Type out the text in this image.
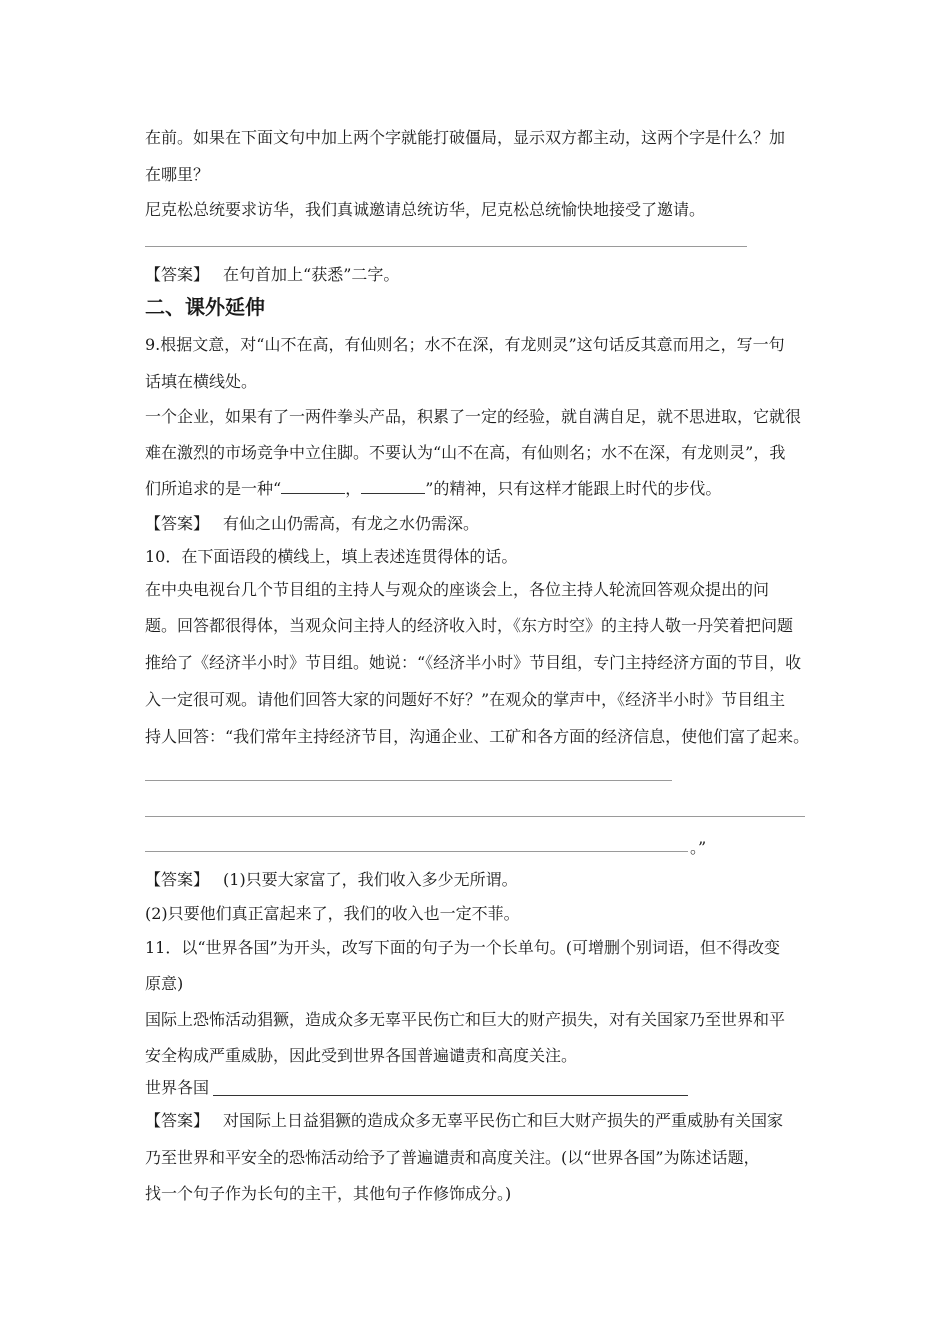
在前。如果在下面文句中加上两个字就能打破僵局，显示双方都主动，这两个字是什么？加
在哪里？
尼克松总统要求访华，我们真诚邀请总统访华，尼克松总统愉快地接受了邀请。
【答案】 在句首加上“获悉”二字。
二、课外延伸
9.根据文意，对“山不在高，有仙则名；水不在深，有龙则灵”这句话反其意而用之，写一句
话填在横线处。
一个企业，如果有了一两件拳头产品，积累了一定的经验，就自满自足，就不思进取，它就很
难在激烈的市场竞争中立住脚。不要认为“山不在高，有仙则名；水不在深，有龙则灵”，我
们所追求的是一种“	，	”的精神，只有这样才能跟上时代的步伐。
【答案】 有仙之山仍需高，有龙之水仍需深。
10．在下面语段的横线上，填上表述连贯得体的话。
在中央电视台几个节目组的主持人与观众的座谈会上，各位主持人轮流回答观众提出的问
题。回答都很得体，当观众问主持人的经济收入时，《东方时空》的主持人敬一丹笑着把问题
推给了《经济半小时》节目组。她说：“《经济半小时》节目组，专门主持经济方面的节目，收
入一定很可观。请他们回答大家的问题好不好？”在观众的掌声中，《经济半小时》节目组主
持人回答：“我们常年主持经济节目，沟通企业、工矿和各方面的经济信息，使他们富了起来。
。”
【答案】 (1)只要大家富了，我们收入多少无所谓。
(2)只要他们真正富起来了，我们的收入也一定不菲。
11．以“世界各国”为开头，改写下面的句子为一个长单句。(可增删个别词语，但不得改变
原意)
国际上恐怖活动猖獗，造成众多无辜平民伤亡和巨大的财产损失，对有关国家乃至世界和平
安全构成严重威胁，因此受到世界各国普遍谴责和高度关注。
世界各国
【答案】 对国际上日益猖獗的造成众多无辜平民伤亡和巨大财产损失的严重威胁有关国家
乃至世界和平安全的恐怖活动给予了普遍谴责和高度关注。(以“世界各国”为陈述话题，
找一个句子作为长句的主干，其他句子作修饰成分。)
